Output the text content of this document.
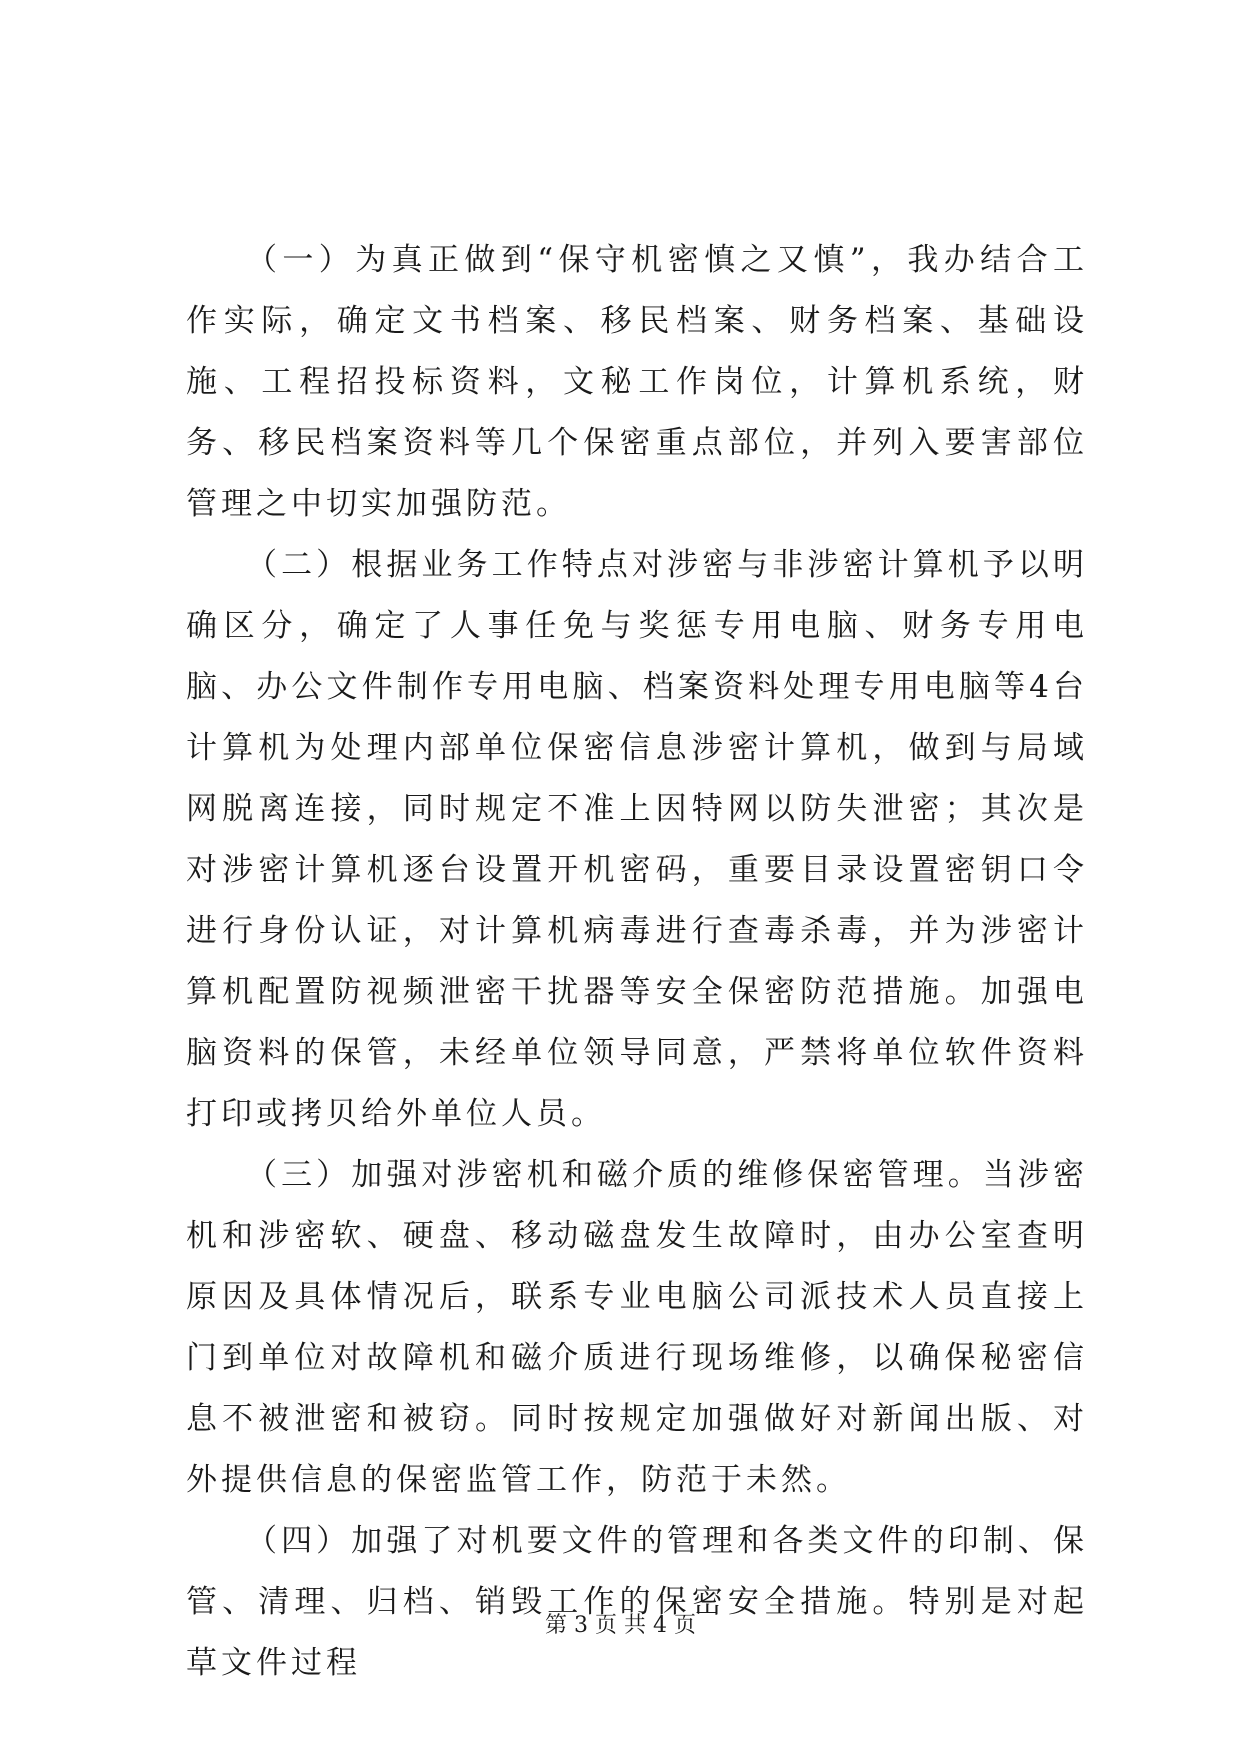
（一）为真正做到“保守机密慎之又慎”，我办结合工作实际，确定文书档案、移民档案、财务档案、基础设施、工程招投标资料，文秘工作岗位，计算机系统，财务、移民档案资料等几个保密重点部位，并列入要害部位管理之中切实加强防范。

（二）根据业务工作特点对涉密与非涉密计算机予以明确区分，确定了人事任免与奖惩专用电脑、财务专用电脑、办公文件制作专用电脑、档案资料处理专用电脑等4台计算机为处理内部单位保密信息涉密计算机，做到与局域网脱离连接，同时规定不准上因特网以防失泄密；其次是对涉密计算机逐台设置开机密码，重要目录设置密钥口令进行身份认证，对计算机病毒进行查毒杀毒，并为涉密计算机配置防视频泄密干扰器等安全保密防范措施。加强电脑资料的保管，未经单位领导同意，严禁将单位软件资料打印或拷贝给外单位人员。

（三）加强对涉密机和磁介质的维修保密管理。当涉密机和涉密软、硬盘、移动磁盘发生故障时，由办公室查明原因及具体情况后，联系专业电脑公司派技术人员直接上门到单位对故障机和磁介质进行现场维修，以确保秘密信息不被泄密和被窃。同时按规定加强做好对新闻出版、对外提供信息的保密监管工作，防范于未然。

（四）加强了对机要文件的管理和各类文件的印制、保管、清理、归档、销毁工作的保密安全措施。特别是对起草文件过程

第 3 页 共 4 页
